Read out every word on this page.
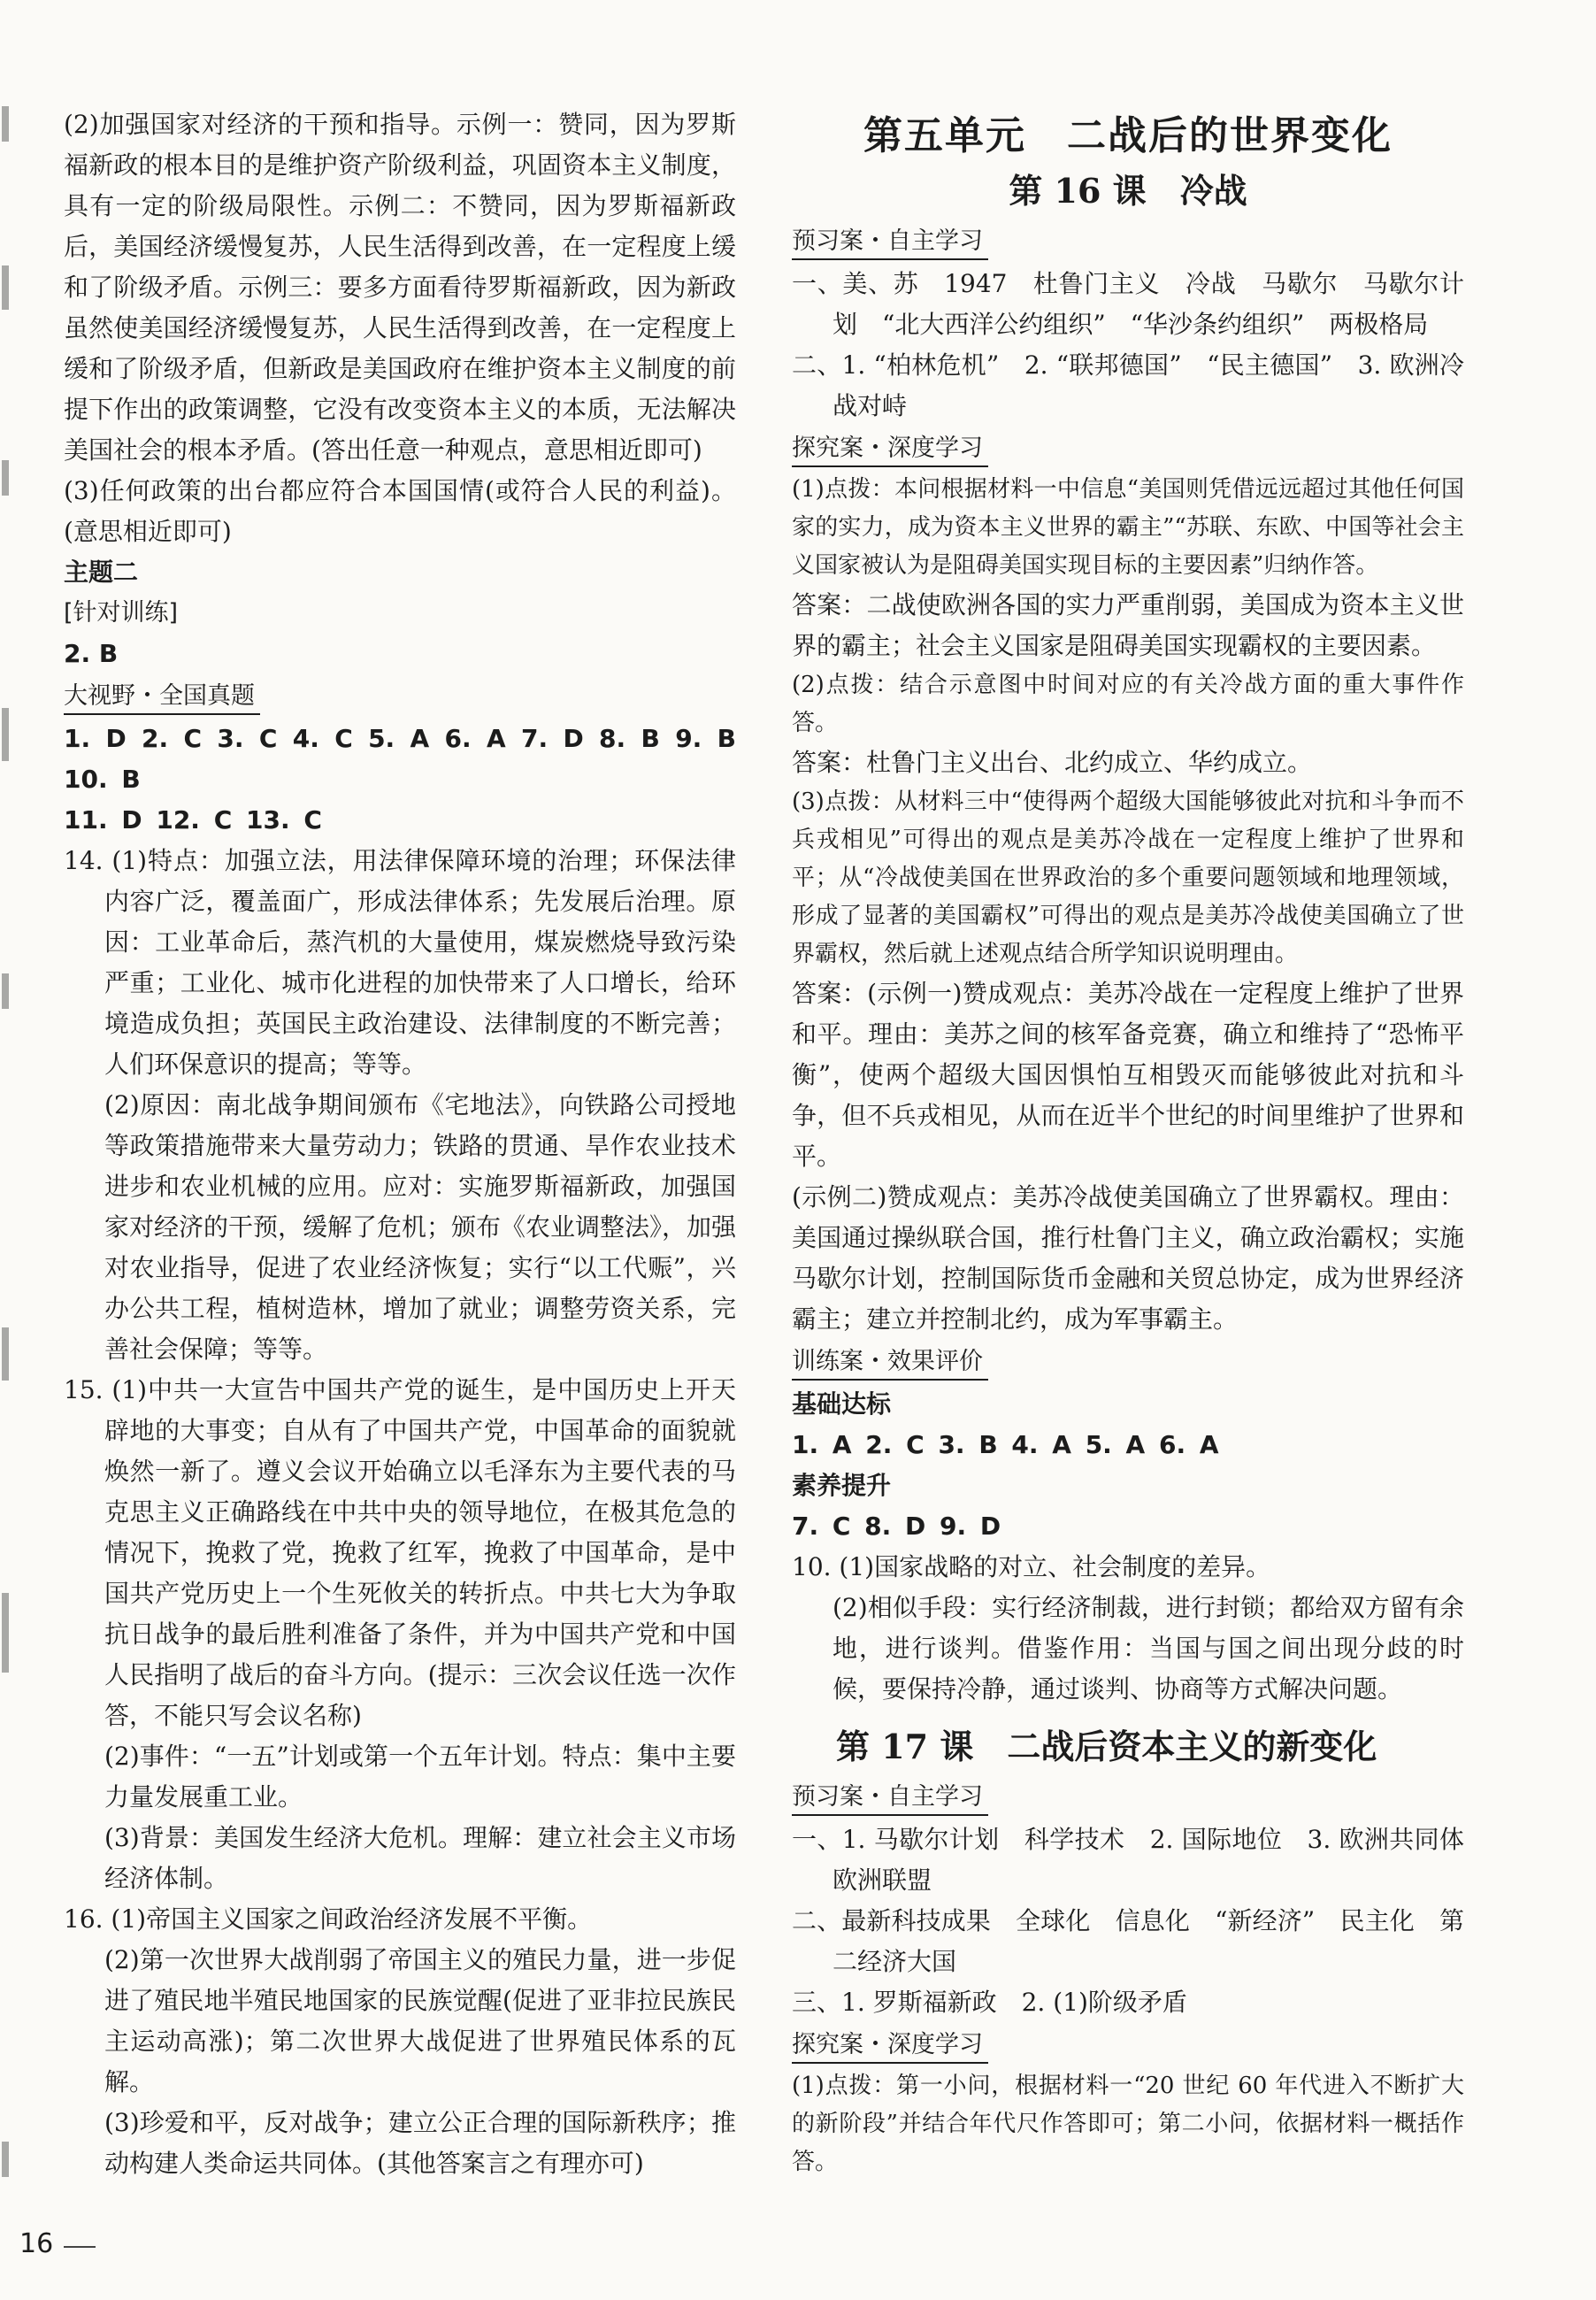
(2)加强国家对经济的干预和指导。示例一：赞同，因为罗斯福新政的根本目的是维护资产阶级利益，巩固资本主义制度，具有一定的阶级局限性。示例二：不赞同，因为罗斯福新政后，美国经济缓慢复苏，人民生活得到改善，在一定程度上缓和了阶级矛盾。示例三：要多方面看待罗斯福新政，因为新政虽然使美国经济缓慢复苏，人民生活得到改善，在一定程度上缓和了阶级矛盾，但新政是美国政府在维护资本主义制度的前提下作出的政策调整，它没有改变资本主义的本质，无法解决美国社会的根本矛盾。(答出任意一种观点，意思相近即可)

(3)任何政策的出台都应符合本国国情(或符合人民的利益)。(意思相近即可)

主题二

[针对训练]

2. B

大视野・全国真题

1. D 2. C 3. C 4. C 5. A 6. A 7. D 8. B 9. B 10. B

11. D 12. C 13. C

14. (1)特点：加强立法，用法律保障环境的治理；环保法律内容广泛，覆盖面广，形成法律体系；先发展后治理。原因：工业革命后，蒸汽机的大量使用，煤炭燃烧导致污染严重；工业化、城市化进程的加快带来了人口增长，给环境造成负担；英国民主政治建设、法律制度的不断完善；人们环保意识的提高；等等。

(2)原因：南北战争期间颁布《宅地法》，向铁路公司授地等政策措施带来大量劳动力；铁路的贯通、旱作农业技术进步和农业机械的应用。应对：实施罗斯福新政，加强国家对经济的干预，缓解了危机；颁布《农业调整法》，加强对农业指导，促进了农业经济恢复；实行“以工代赈”，兴办公共工程，植树造林，增加了就业；调整劳资关系，完善社会保障；等等。

15. (1)中共一大宣告中国共产党的诞生，是中国历史上开天辟地的大事变；自从有了中国共产党，中国革命的面貌就焕然一新了。遵义会议开始确立以毛泽东为主要代表的马克思主义正确路线在中共中央的领导地位，在极其危急的情况下，挽救了党，挽救了红军，挽救了中国革命，是中国共产党历史上一个生死攸关的转折点。中共七大为争取抗日战争的最后胜利准备了条件，并为中国共产党和中国人民指明了战后的奋斗方向。(提示：三次会议任选一次作答，不能只写会议名称)

(2)事件：“一五”计划或第一个五年计划。特点：集中主要力量发展重工业。

(3)背景：美国发生经济大危机。理解：建立社会主义市场经济体制。

16. (1)帝国主义国家之间政治经济发展不平衡。

(2)第一次世界大战削弱了帝国主义的殖民力量，进一步促进了殖民地半殖民地国家的民族觉醒(促进了亚非拉民族民主运动高涨)；第二次世界大战促进了世界殖民体系的瓦解。

(3)珍爱和平，反对战争；建立公正合理的国际新秩序；推动构建人类命运共同体。(其他答案言之有理亦可)

第五单元　二战后的世界变化
第 16 课　冷战
预习案・自主学习

一、美、苏　1947　杜鲁门主义　冷战　马歇尔　马歇尔计划　“北大西洋公约组织”　“华沙条约组织”　两极格局

二、1. “柏林危机”　2. “联邦德国”　“民主德国”　3. 欧洲冷战对峙

探究案・深度学习

(1)点拨：本问根据材料一中信息“美国则凭借远远超过其他任何国家的实力，成为资本主义世界的霸主”“苏联、东欧、中国等社会主义国家被认为是阻碍美国实现目标的主要因素”归纳作答。

答案：二战使欧洲各国的实力严重削弱，美国成为资本主义世界的霸主；社会主义国家是阻碍美国实现霸权的主要因素。

(2)点拨：结合示意图中时间对应的有关冷战方面的重大事件作答。

答案：杜鲁门主义出台、北约成立、华约成立。

(3)点拨：从材料三中“使得两个超级大国能够彼此对抗和斗争而不兵戎相见”可得出的观点是美苏冷战在一定程度上维护了世界和平；从“冷战使美国在世界政治的多个重要问题领域和地理领域，形成了显著的美国霸权”可得出的观点是美苏冷战使美国确立了世界霸权，然后就上述观点结合所学知识说明理由。

答案：(示例一)赞成观点：美苏冷战在一定程度上维护了世界和平。理由：美苏之间的核军备竞赛，确立和维持了“恐怖平衡”，使两个超级大国因惧怕互相毁灭而能够彼此对抗和斗争，但不兵戎相见，从而在近半个世纪的时间里维护了世界和平。

(示例二)赞成观点：美苏冷战使美国确立了世界霸权。理由：美国通过操纵联合国，推行杜鲁门主义，确立政治霸权；实施马歇尔计划，控制国际货币金融和关贸总协定，成为世界经济霸主；建立并控制北约，成为军事霸主。

训练案・效果评价

基础达标

1. A 2. C 3. B 4. A 5. A 6. A

素养提升

7. C 8. D 9. D

10. (1)国家战略的对立、社会制度的差异。

(2)相似手段：实行经济制裁，进行封锁；都给双方留有余地，进行谈判。借鉴作用：当国与国之间出现分歧的时候，要保持冷静，通过谈判、协商等方式解决问题。

第 17 课　二战后资本主义的新变化
预习案・自主学习

一、1. 马歇尔计划　科学技术　2. 国际地位　3. 欧洲共同体　欧洲联盟

二、最新科技成果　全球化　信息化　“新经济”　民主化　第二经济大国

三、1. 罗斯福新政　2. (1)阶级矛盾

探究案・深度学习

(1)点拨：第一小问，根据材料一“20 世纪 60 年代进入不断扩大的新阶段”并结合年代尺作答即可；第二小问，依据材料一概括作答。

16
